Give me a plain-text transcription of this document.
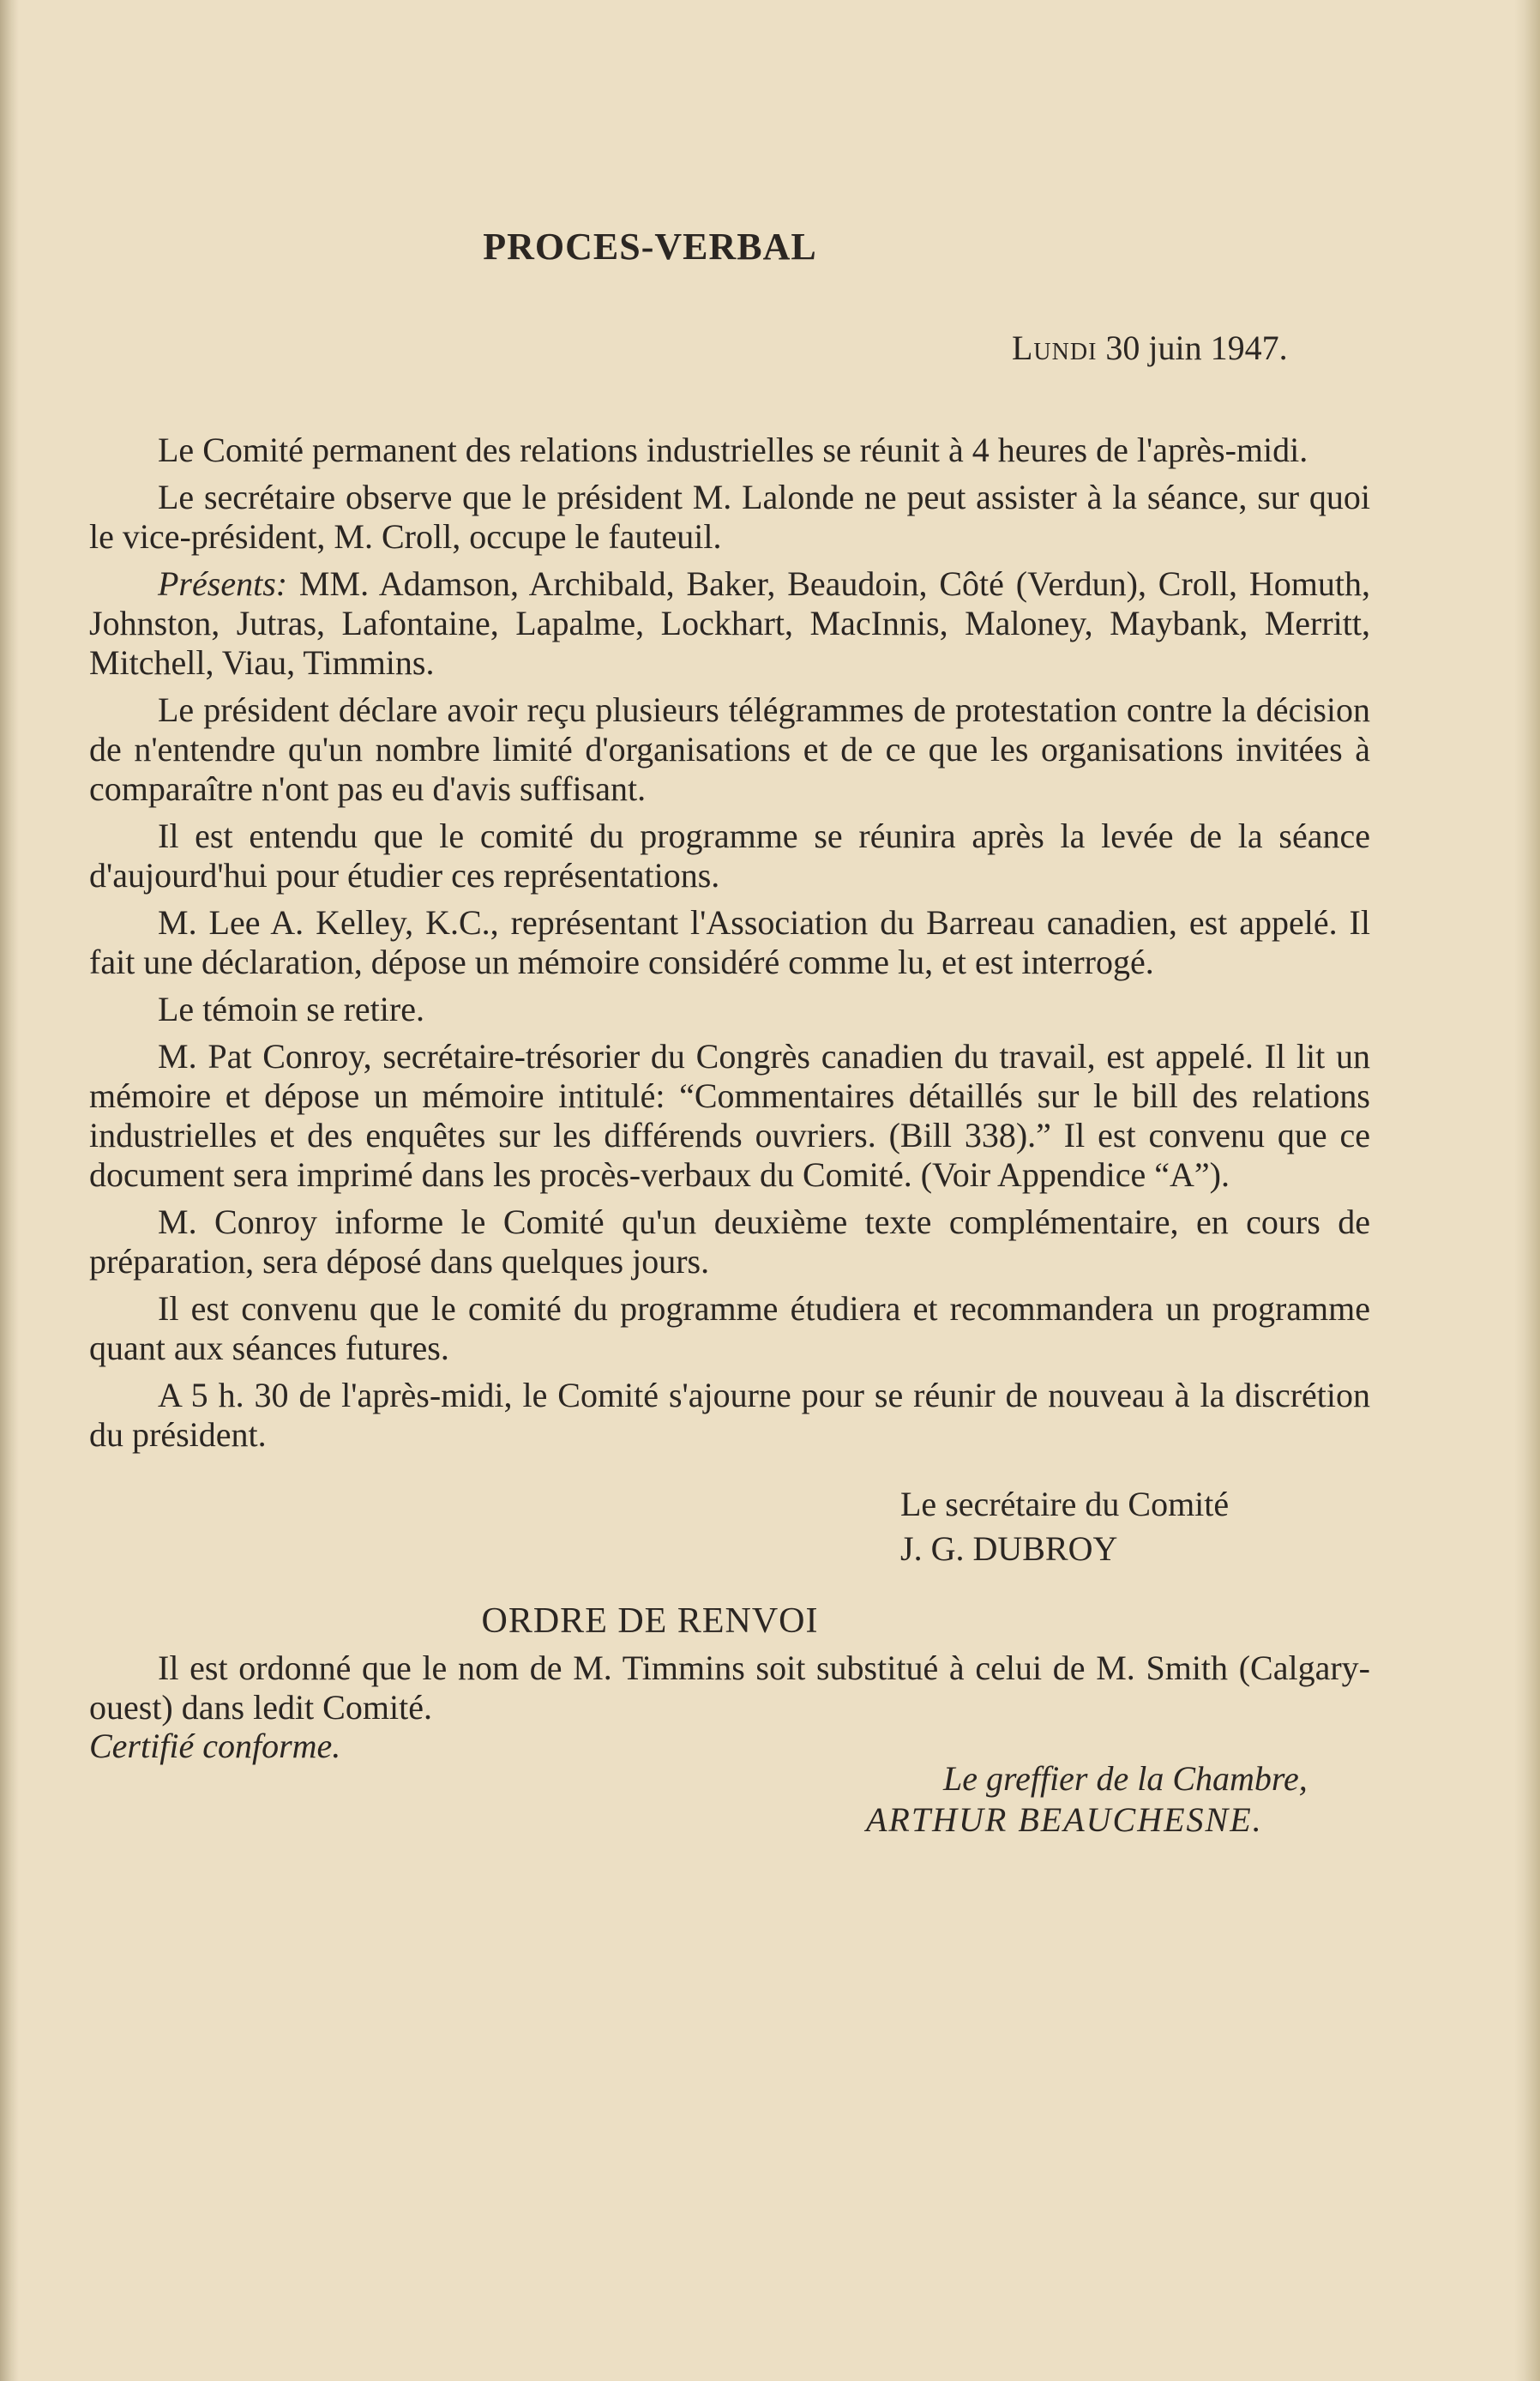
PROCES-VERBAL
Lundi 30 juin 1947.

Le Comité permanent des relations industrielles se réunit à 4 heures de l'après-midi.

Le secrétaire observe que le président M. Lalonde ne peut assister à la séance, sur quoi le vice-président, M. Croll, occupe le fauteuil.

Présents: MM. Adamson, Archibald, Baker, Beaudoin, Côté (Verdun), Croll, Homuth, Johnston, Jutras, Lafontaine, Lapalme, Lockhart, MacInnis, Maloney, Maybank, Merritt, Mitchell, Viau, Timmins.

Le président déclare avoir reçu plusieurs télégrammes de protestation contre la décision de n'entendre qu'un nombre limité d'organisations et de ce que les organisations invitées à comparaître n'ont pas eu d'avis suffisant.

Il est entendu que le comité du programme se réunira après la levée de la séance d'aujourd'hui pour étudier ces représentations.

M. Lee A. Kelley, K.C., représentant l'Association du Barreau canadien, est appelé. Il fait une déclaration, dépose un mémoire considéré comme lu, et est interrogé.

Le témoin se retire.

M. Pat Conroy, secrétaire-trésorier du Congrès canadien du travail, est appelé. Il lit un mémoire et dépose un mémoire intitulé: “Commentaires détaillés sur le bill des relations industrielles et des enquêtes sur les différends ouvriers. (Bill 338).” Il est convenu que ce document sera imprimé dans les procès-verbaux du Comité. (Voir Appendice “A”).

M. Conroy informe le Comité qu'un deuxième texte complémentaire, en cours de préparation, sera déposé dans quelques jours.

Il est convenu que le comité du programme étudiera et recommandera un programme quant aux séances futures.

A 5 h. 30 de l'après-midi, le Comité s'ajourne pour se réunir de nouveau à la discrétion du président.

Le secrétaire du Comité
J. G. DUBROY
ORDRE DE RENVOI

Il est ordonné que le nom de M. Timmins soit substitué à celui de M. Smith (Calgary-ouest) dans ledit Comité.

Certifié conforme.
Le greffier de la Chambre,
ARTHUR BEAUCHESNE.
